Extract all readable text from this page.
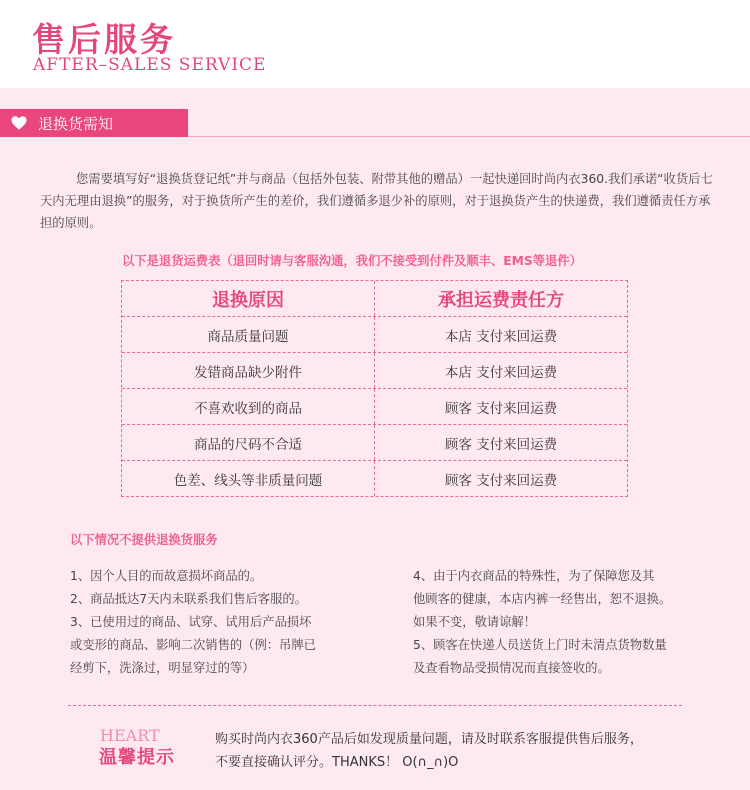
售后服务
AFTER–SALES SERVICE
退换货需知
您需要填写好“退换货登记纸”并与商品（包括外包装、附带其他的赠品）一起快递回时尚内衣360.我们承诺“收货后七天内无理由退换”的服务，对于换货所产生的差价，我们遵循多退少补的原则，对于退换货产生的快递费，我们遵循责任方承担的原则。
以下是退货运费表（退回时请与客服沟通，我们不接受到付件及顺丰、EMS等退件）
退换原因	承担运费责任方
商品质量问题	本店 支付来回运费
发错商品缺少附件	本店 支付来回运费
不喜欢收到的商品	顾客 支付来回运费
商品的尺码不合适	顾客 支付来回运费
色差、线头等非质量问题	顾客 支付来回运费
以下情况不提供退换货服务
1、因个人目的而故意损坏商品的。
2、商品抵达7天内未联系我们售后客服的。
3、已使用过的商品、试穿、试用后产品损坏
或变形的商品、影响二次销售的（例：吊牌已
经剪下，洗涤过，明显穿过的等）
4、由于内衣商品的特殊性，为了保障您及其
他顾客的健康，本店内裤一经售出，恕不退换。
如果不变，敬请谅解！
5、顾客在快递人员送货上门时未清点货物数量
及查看物品受损情况而直接签收的。
HEART
温馨提示
购买时尚内衣360产品后如发现质量问题，请及时联系客服提供售后服务，
不要直接确认评分。THANKS！ O(∩_∩)O
